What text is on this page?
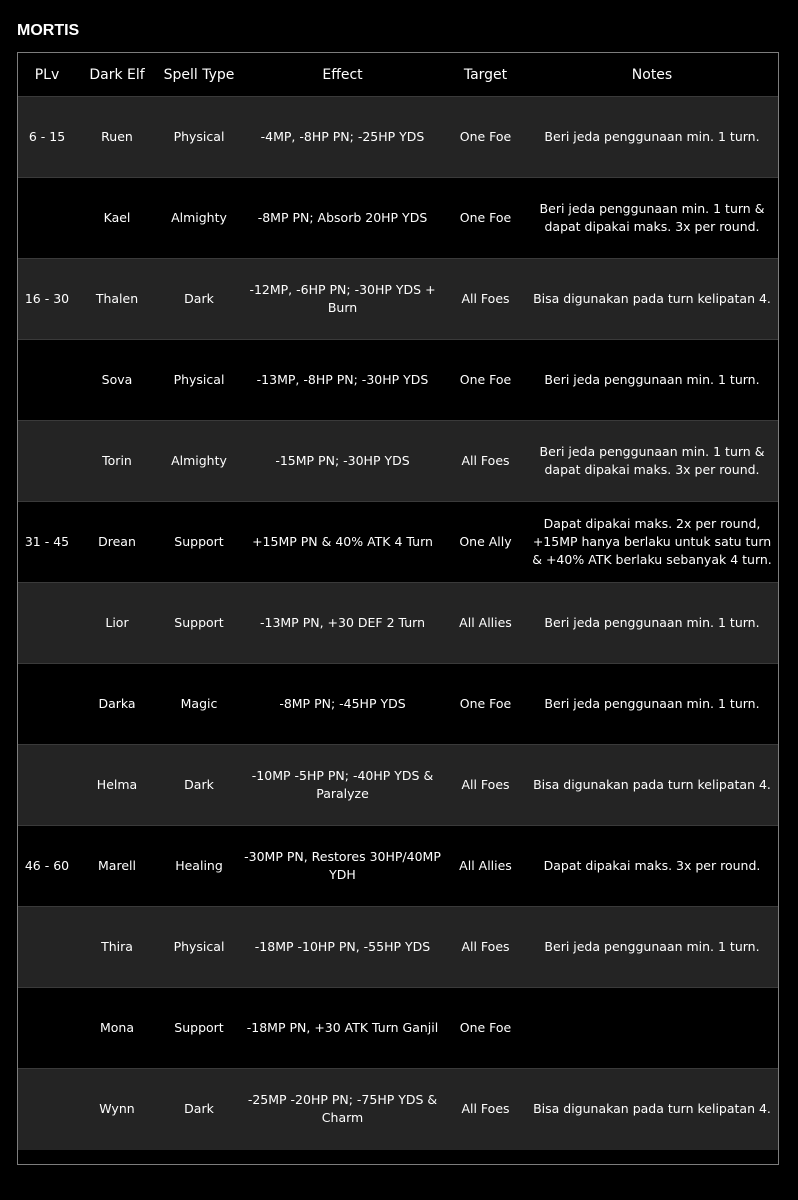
MORTIS
PLv	Dark Elf	Spell Type	Effect	Target	Notes
6 - 15	Ruen	Physical	-4MP, -8HP PN; -25HP YDS	One Foe	Beri jeda penggunaan min. 1 turn.
	Kael	Almighty	-8MP PN; Absorb 20HP YDS	One Foe	Beri jeda penggunaan min. 1 turn & dapat dipakai maks. 3x per round.
16 - 30	Thalen	Dark	-12MP, -6HP PN; -30HP YDS + Burn	All Foes	Bisa digunakan pada turn kelipatan 4.
	Sova	Physical	-13MP, -8HP PN; -30HP YDS	One Foe	Beri jeda penggunaan min. 1 turn.
	Torin	Almighty	-15MP PN; -30HP YDS	All Foes	Beri jeda penggunaan min. 1 turn & dapat dipakai maks. 3x per round.
31 - 45	Drean	Support	+15MP PN & 40% ATK 4 Turn	One Ally	Dapat dipakai maks. 2x per round, +15MP hanya berlaku untuk satu turn & +40% ATK berlaku sebanyak 4 turn.
	Lior	Support	-13MP PN, +30 DEF 2 Turn	All Allies	Beri jeda penggunaan min. 1 turn.
	Darka	Magic	-8MP PN; -45HP YDS	One Foe	Beri jeda penggunaan min. 1 turn.
	Helma	Dark	-10MP -5HP PN; -40HP YDS & Paralyze	All Foes	Bisa digunakan pada turn kelipatan 4.
46 - 60	Marell	Healing	-30MP PN, Restores 30HP/40MP YDH	All Allies	Dapat dipakai maks. 3x per round.
	Thira	Physical	-18MP -10HP PN, -55HP YDS	All Foes	Beri jeda penggunaan min. 1 turn.
	Mona	Support	-18MP PN, +30 ATK Turn Ganjil	One Foe	
	Wynn	Dark	-25MP -20HP PN; -75HP YDS & Charm	All Foes	Bisa digunakan pada turn kelipatan 4.
